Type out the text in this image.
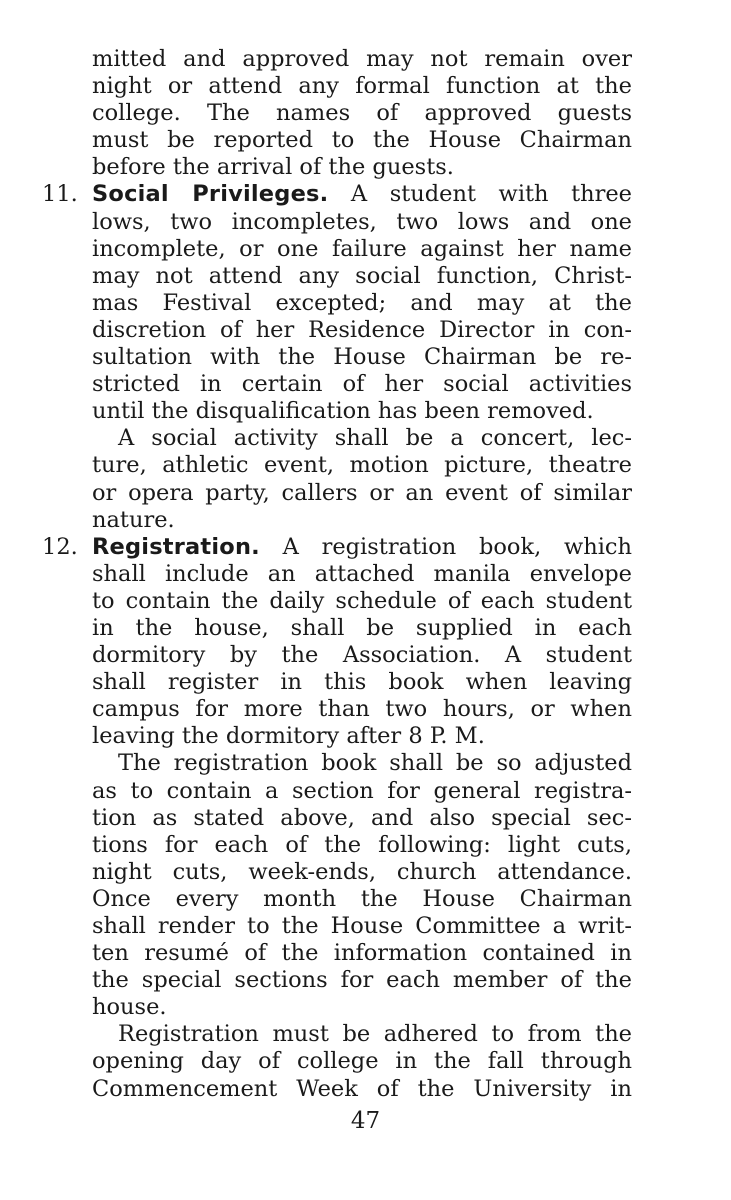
mitted and approved may not remain over
night or attend any formal function at the
college. The names of approved guests
must be reported to the House Chairman
before the arrival of the guests.
11. Social Privileges. A student with three
lows, two incompletes, two lows and one
incomplete, or one failure against her name
may not attend any social function, Christ-
mas Festival excepted; and may at the
discretion of her Residence Director in con-
sultation with the House Chairman be re-
stricted in certain of her social activities
until the disqualification has been removed.
A social activity shall be a concert, lec-
ture, athletic event, motion picture, theatre
or opera party, callers or an event of similar
nature.
12. Registration. A registration book, which
shall include an attached manila envelope
to contain the daily schedule of each student
in the house, shall be supplied in each
dormitory by the Association. A student
shall register in this book when leaving
campus for more than two hours, or when
leaving the dormitory after 8 P. M.
The registration book shall be so adjusted
as to contain a section for general registra-
tion as stated above, and also special sec-
tions for each of the following: light cuts,
night cuts, week-ends, church attendance.
Once every month the House Chairman
shall render to the House Committee a writ-
ten resumé of the information contained in
the special sections for each member of the
house.
Registration must be adhered to from the
opening day of college in the fall through
Commencement Week of the University in
47
